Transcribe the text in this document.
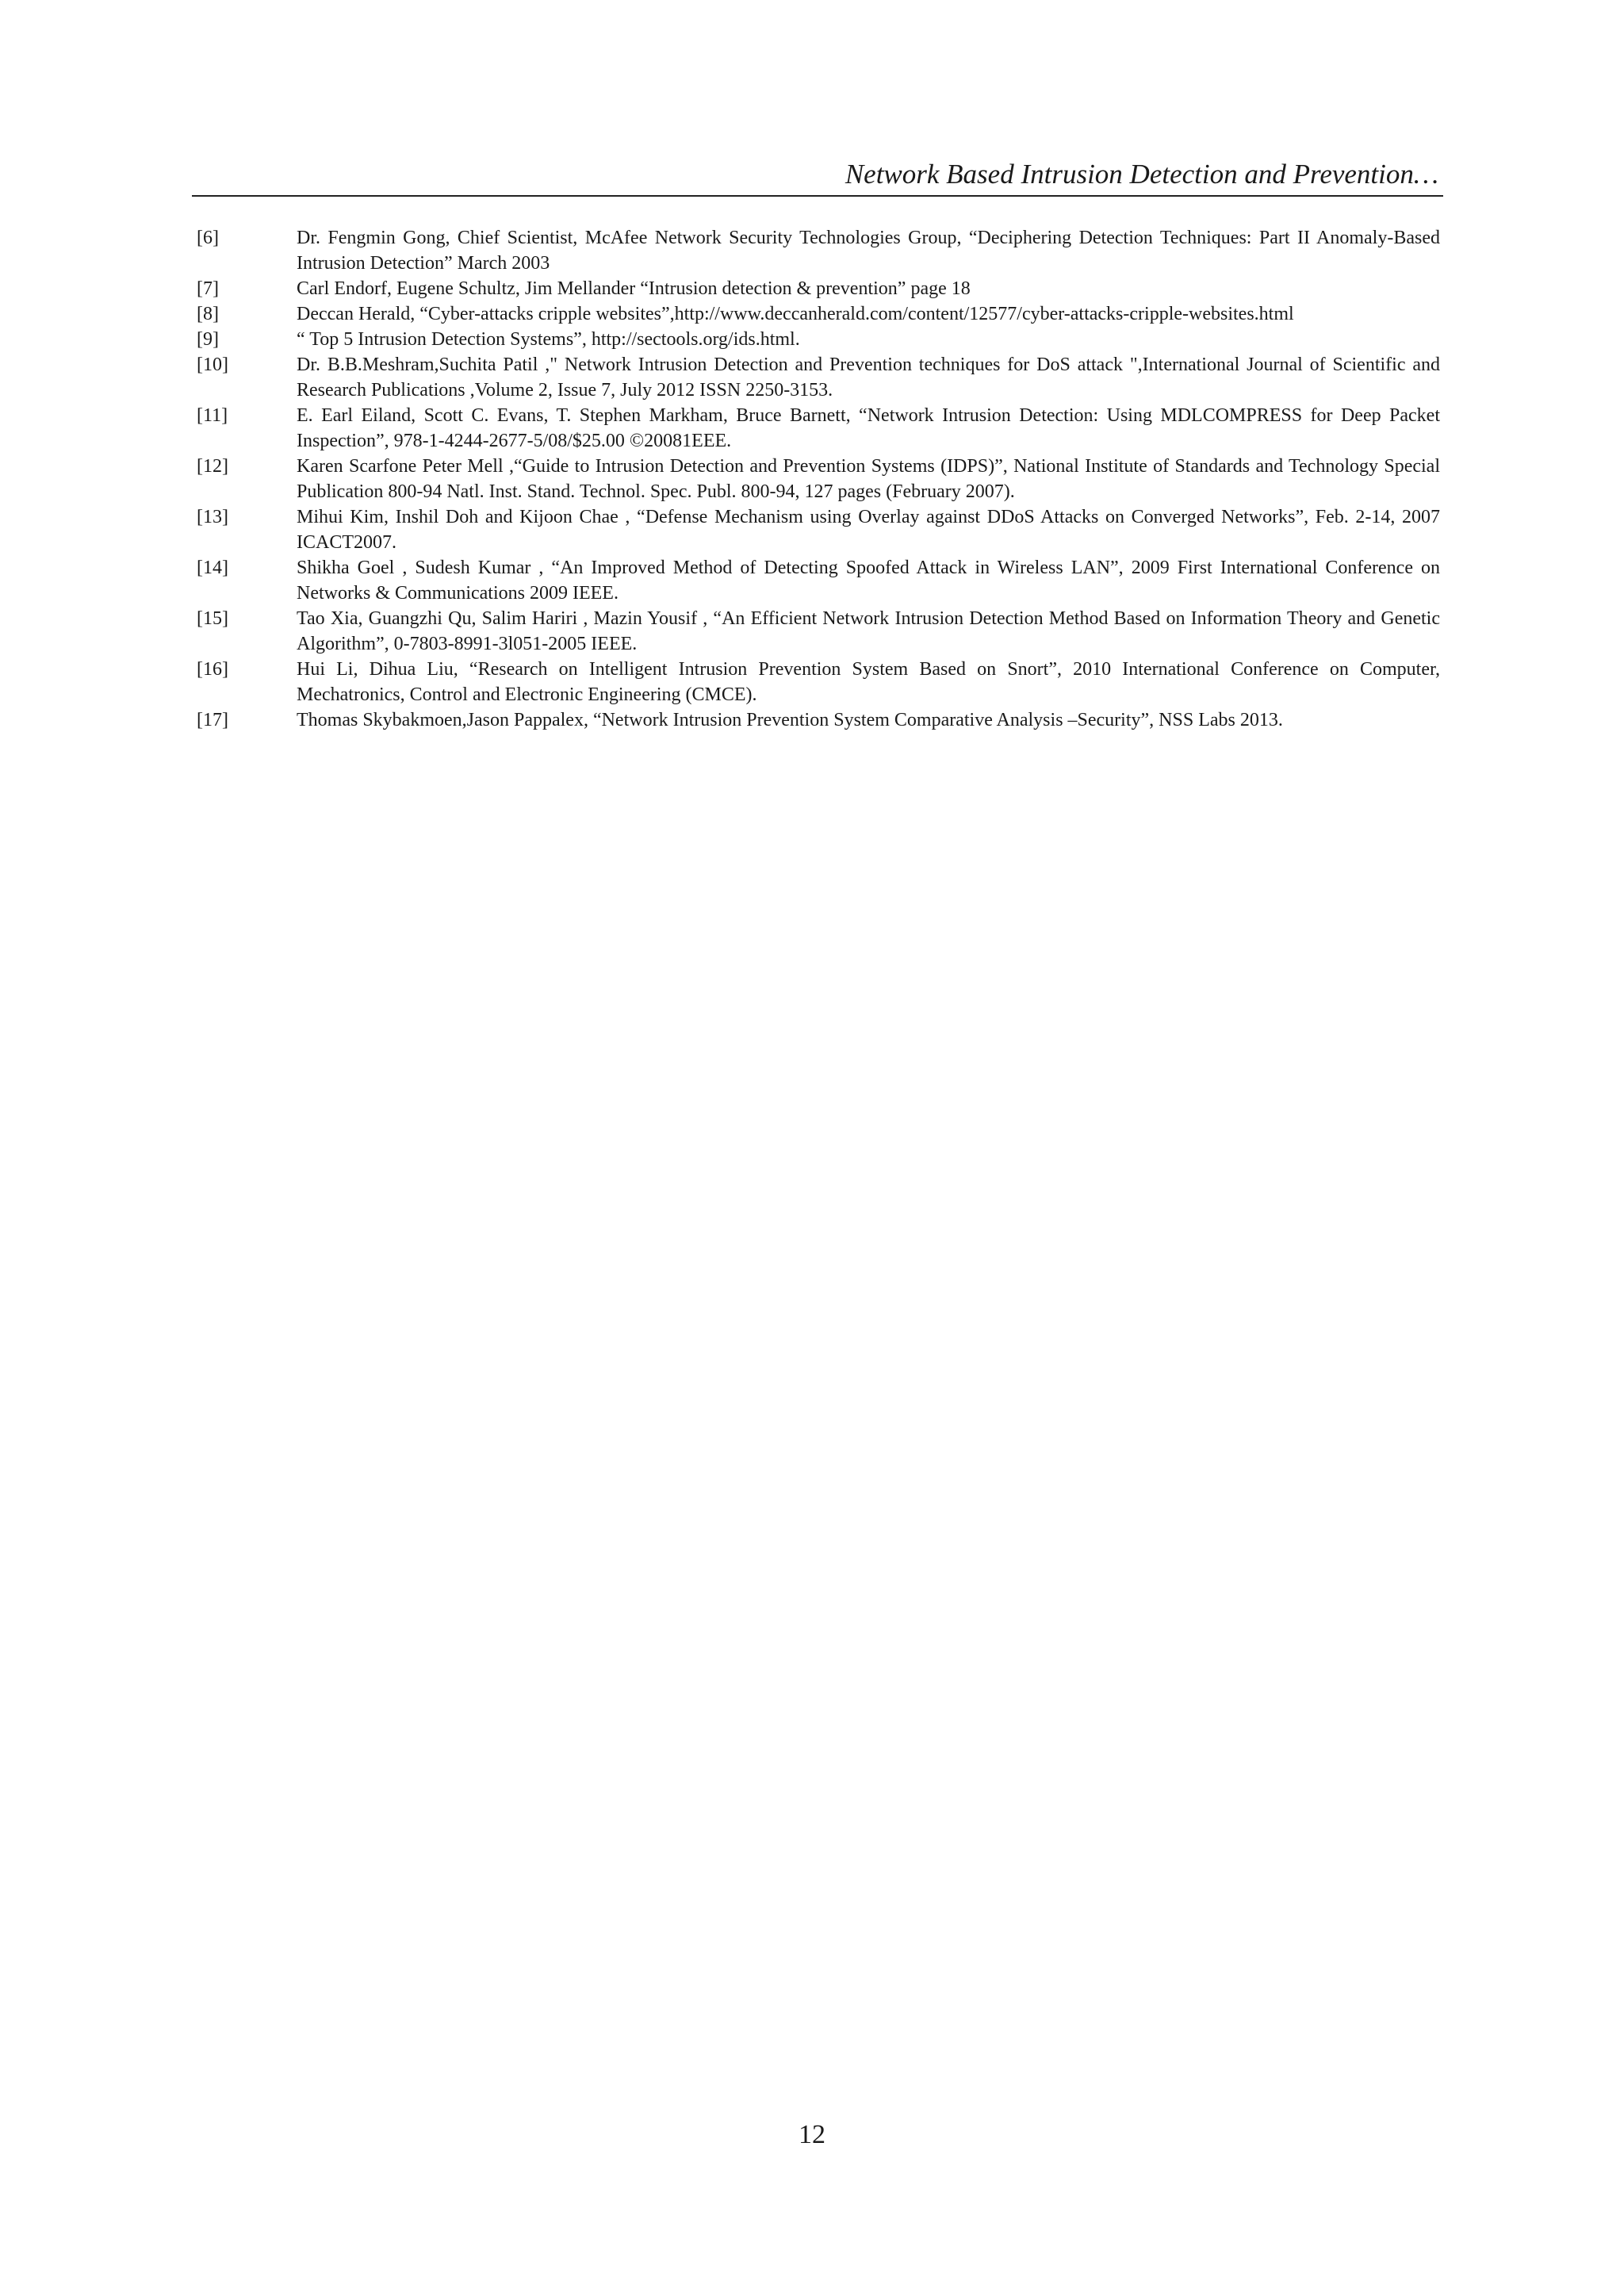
Network Based Intrusion Detection and Prevention…
[6]	Dr. Fengmin Gong, Chief Scientist, McAfee Network Security Technologies Group, “Deciphering Detection Techniques: Part II Anomaly-Based Intrusion Detection” March 2003
[7]	Carl Endorf, Eugene Schultz, Jim Mellander “Intrusion detection & prevention” page 18
[8]	Deccan Herald, “Cyber-attacks cripple websites”,http://www.deccanherald.com/content/12577/cyber-attacks-cripple-websites.html
[9]	“ Top 5 Intrusion Detection Systems”, http://sectools.org/ids.html.
[10]	Dr. B.B.Meshram,Suchita Patil ," Network Intrusion Detection and Prevention techniques for DoS attack ",International Journal of Scientific and Research Publications ,Volume 2, Issue 7, July 2012 ISSN 2250-3153.
[11]	E. Earl Eiland, Scott C. Evans, T. Stephen Markham, Bruce Barnett, “Network Intrusion Detection: Using MDLCOMPRESS for Deep Packet Inspection”, 978-1-4244-2677-5/08/$25.00 ©20081EEE.
[12]	Karen Scarfone Peter Mell ,“Guide to Intrusion Detection and Prevention Systems (IDPS)”, National Institute of Standards and Technology Special Publication 800-94 Natl. Inst. Stand. Technol. Spec. Publ. 800-94, 127 pages (February 2007).
[13]	Mihui Kim, Inshil Doh and Kijoon Chae , “Defense Mechanism using Overlay against DDoS Attacks on Converged Networks”, Feb. 2-14, 2007 ICACT2007.
[14]	Shikha Goel , Sudesh Kumar , “An Improved Method of Detecting Spoofed Attack in Wireless LAN”, 2009 First International Conference on Networks & Communications 2009 IEEE.
[15]	Tao Xia, Guangzhi Qu, Salim Hariri , Mazin Yousif , “An Efficient Network Intrusion Detection Method Based on Information Theory and Genetic Algorithm”, 0-7803-8991-3l051-2005 IEEE.
[16]	Hui Li, Dihua Liu, “Research on Intelligent Intrusion Prevention System Based on Snort”, 2010 International Conference on Computer, Mechatronics, Control and Electronic Engineering (CMCE).
[17]	Thomas Skybakmoen,Jason Pappalex, “Network Intrusion Prevention System Comparative Analysis –Security”, NSS Labs 2013.
12
